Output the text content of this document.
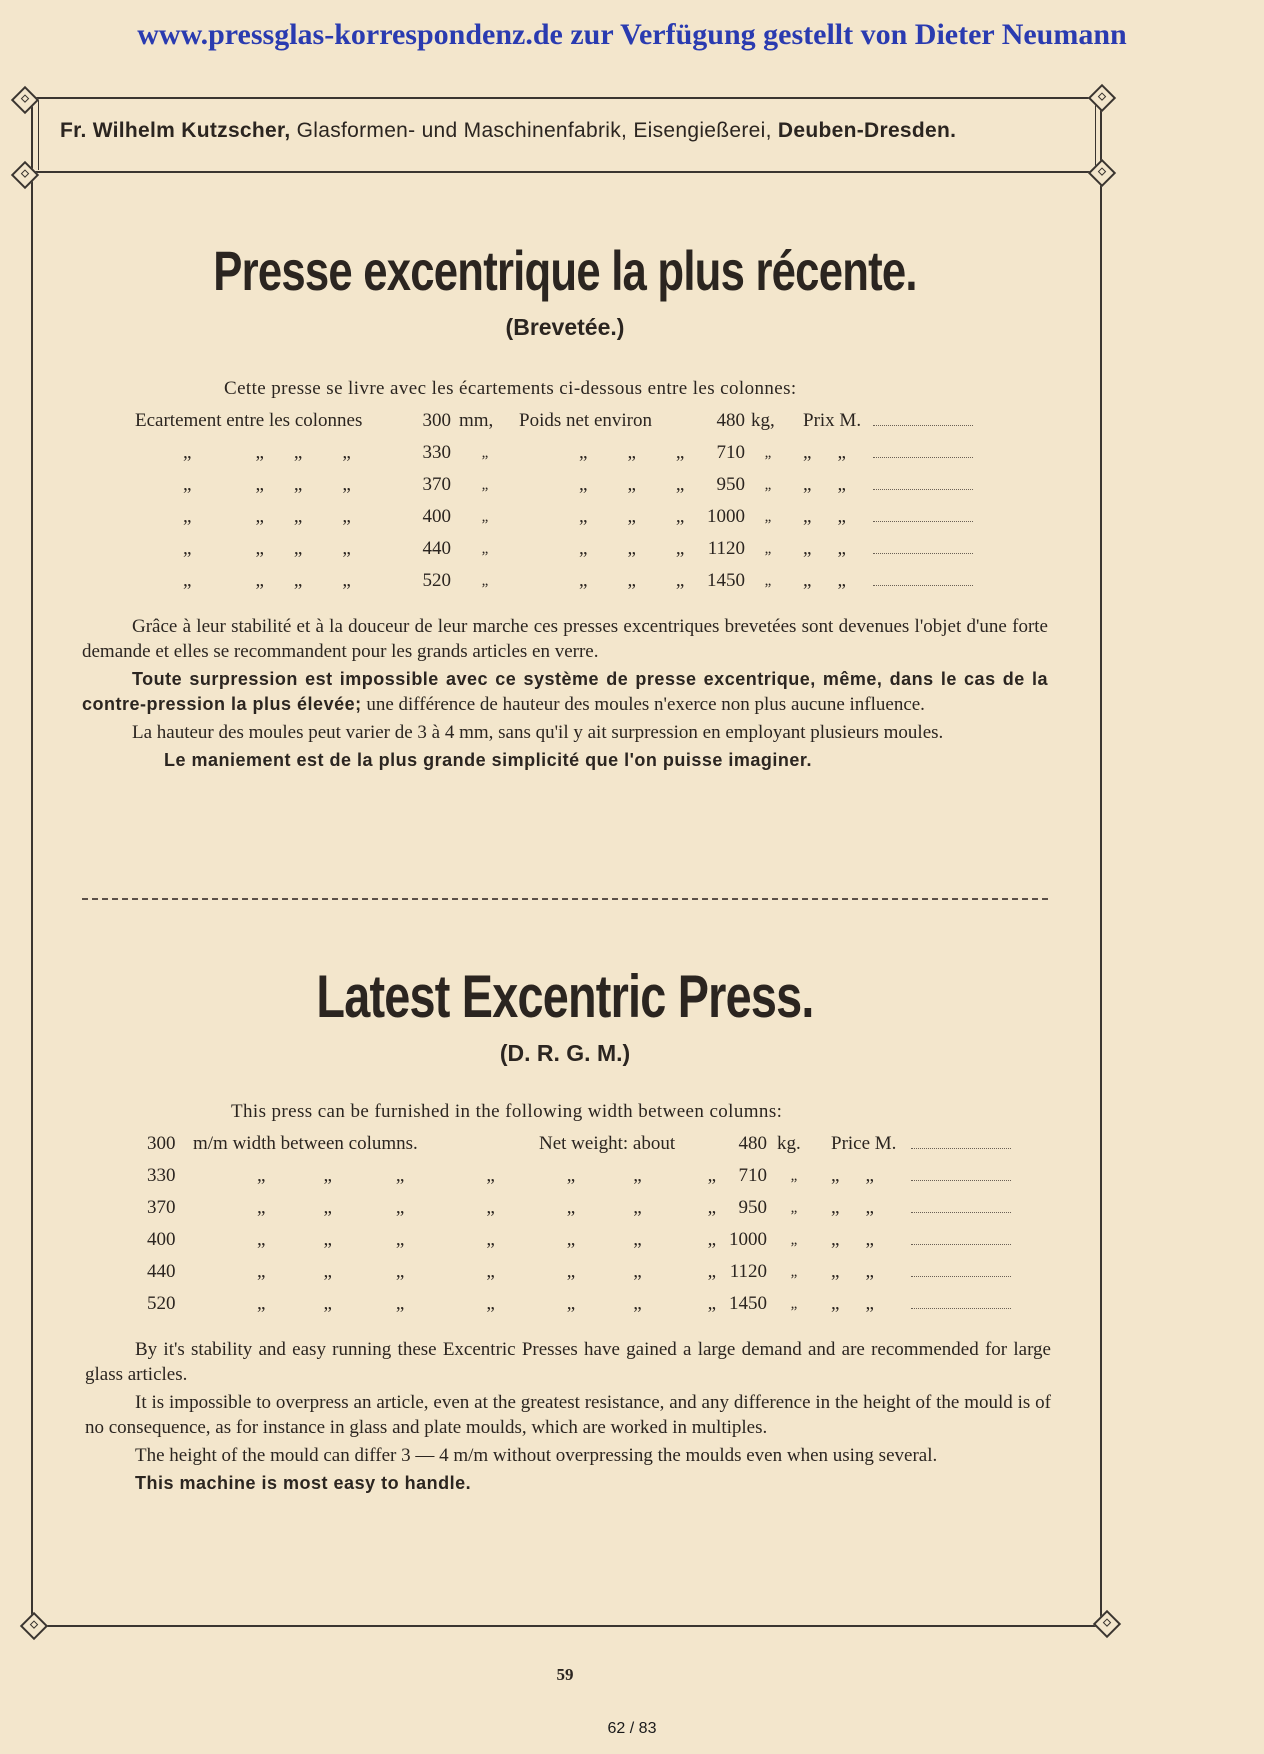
www.pressglas-korrespondenz.de zur Verfügung gestellt von Dieter Neumann
Fr. Wilhelm Kutzscher, Glasformen- und Maschinenfabrik, Eisengießerei, Deuben-Dresden.
Presse excentrique la plus récente.
(Brevetée.)
Cette presse se livre avec les écartements ci-dessous entre les colonnes:
Ecartement entre les colonnes	300	mm,	Poids net environ	480	kg,	Prix M.	
„ „ „ „	330	„	„ „ „	710	„	„ „	
„ „ „ „	370	„	„ „ „	950	„	„ „	
„ „ „ „	400	„	„ „ „	1000	„	„ „	
„ „ „ „	440	„	„ „ „	1120	„	„ „	
„ „ „ „	520	„	„ „ „	1450	„	„ „	

Grâce à leur stabilité et à la douceur de leur marche ces presses excentriques brevetées sont devenues l'objet d'une forte demande et elles se recommandent pour les grands articles en verre.

Toute surpression est impossible avec ce système de presse excentrique, même, dans le cas de la contre-pression la plus élevée; une différence de hauteur des moules n'exerce non plus aucune influence.

La hauteur des moules peut varier de 3 à 4 mm, sans qu'il y ait surpression en employant plusieurs moules.

Le maniement est de la plus grande simplicité que l'on puisse imaginer.

Latest Excentric Press.
(D. R. G. M.)
This press can be furnished in the following width between columns:
300	m/m width between columns.	Net weight: about	480	kg.	Price M.	
330	„ „ „ „ „ „ „		710	„	„ „	
370	„ „ „ „ „ „ „		950	„	„ „	
400	„ „ „ „ „ „ „		1000	„	„ „	
440	„ „ „ „ „ „ „		1120	„	„ „	
520	„ „ „ „ „ „ „		1450	„	„ „	

By it's stability and easy running these Excentric Presses have gained a large demand and are recommended for large glass articles.

It is impossible to overpress an article, even at the greatest resistance, and any difference in the height of the mould is of no consequence, as for instance in glass and plate moulds, which are worked in multiples.

The height of the mould can differ 3 — 4 m/m without overpressing the moulds even when using several.

This machine is most easy to handle.

59
62 / 83
